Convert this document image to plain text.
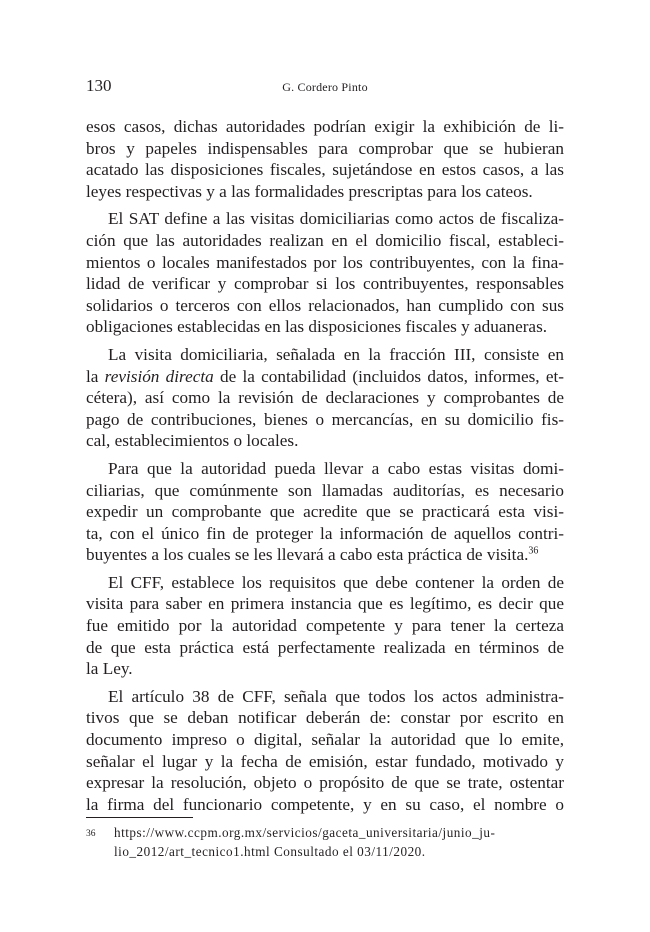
130	G. Cordero Pinto
esos casos, dichas autoridades podrían exigir la exhibición de li-
bros y papeles indispensables para comprobar que se hubieran
acatado las disposiciones fiscales, sujetándose en estos casos, a las
leyes respectivas y a las formalidades prescriptas para los cateos.
El SAT define a las visitas domiciliarias como actos de fiscaliza-
ción que las autoridades realizan en el domicilio fiscal, estableci-
mientos o locales manifestados por los contribuyentes, con la fina-
lidad de verificar y comprobar si los contribuyentes, responsables
solidarios o terceros con ellos relacionados, han cumplido con sus
obligaciones establecidas en las disposiciones fiscales y aduaneras.
La visita domiciliaria, señalada en la fracción III, consiste en
la revisión directa de la contabilidad (incluidos datos, informes, et-
cétera), así como la revisión de declaraciones y comprobantes de
pago de contribuciones, bienes o mercancías, en su domicilio fis-
cal, establecimientos o locales.
Para que la autoridad pueda llevar a cabo estas visitas domi-
ciliarias, que comúnmente son llamadas auditorías, es necesario
expedir un comprobante que acredite que se practicará esta visi-
ta, con el único fin de proteger la información de aquellos contri-
buyentes a los cuales se les llevará a cabo esta práctica de visita.$^{36}$
El CFF, establece los requisitos que debe contener la orden de
visita para saber en primera instancia que es legítimo, es decir que
fue emitido por la autoridad competente y para tener la certeza
de que esta práctica está perfectamente realizada en términos de
la Ley.
El artículo 38 de CFF, señala que todos los actos administra-
tivos que se deban notificar deberán de: constar por escrito en
documento impreso o digital, señalar la autoridad que lo emite,
señalar el lugar y la fecha de emisión, estar fundado, motivado y
expresar la resolución, objeto o propósito de que se trate, ostentar
la firma del funcionario competente, y en su caso, el nombre o
36 https://www.ccpm.org.mx/servicios/gaceta_universitaria/junio_ju-
lio_2012/art_tecnico1.html Consultado el 03/11/2020.
